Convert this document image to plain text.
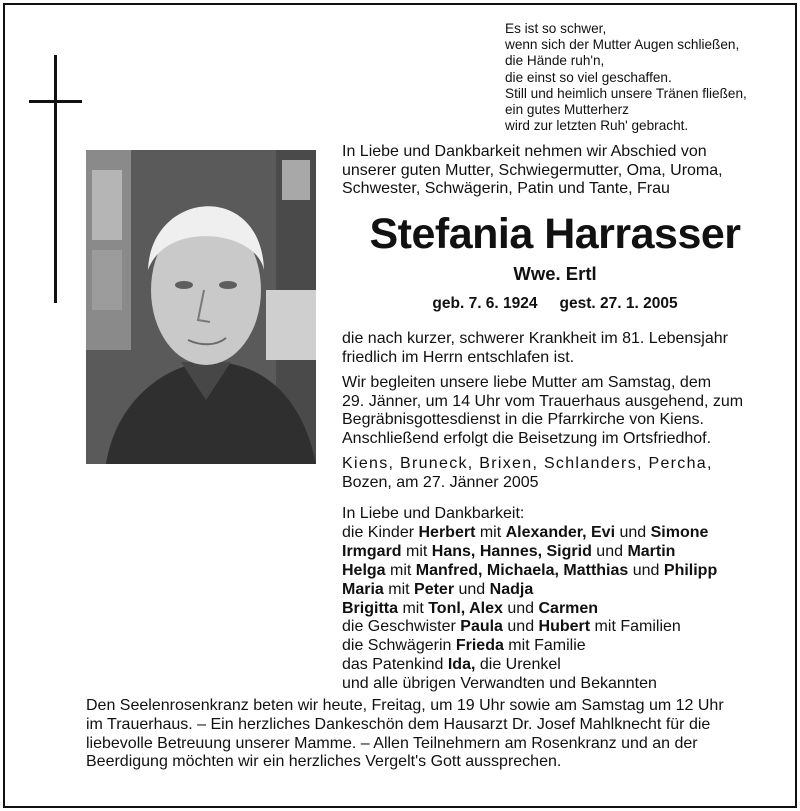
Es ist so schwer,
wenn sich der Mutter Augen schließen,
die Hände ruh'n,
die einst so viel geschaffen.
Still und heimlich unsere Tränen fließen,
ein gutes Mutterherz
wird zur letzten Ruh' gebracht.
In Liebe und Dankbarkeit nehmen wir Abschied von
unserer guten Mutter, Schwiegermutter, Oma, Uroma,
Schwester, Schwägerin, Patin und Tante, Frau
Stefania Harrasser
Wwe. Ertl
geb. 7. 6. 1924 gest. 27. 1. 2005
die nach kurzer, schwerer Krankheit im 81. Lebensjahr
friedlich im Herrn entschlafen ist.
Wir begleiten unsere liebe Mutter am Samstag, dem
29. Jänner, um 14 Uhr vom Trauerhaus ausgehend, zum
Begräbnisgottesdienst in die Pfarrkirche von Kiens.
Anschließend erfolgt die Beisetzung im Ortsfriedhof.
Kiens, Bruneck, Brixen, Schlanders, Percha,
Bozen, am 27. Jänner 2005
In Liebe und Dankbarkeit:
die Kinder Herbert mit Alexander, Evi und Simone
Irmgard mit Hans, Hannes, Sigrid und Martin
Helga mit Manfred, Michaela, Matthias und Philipp
Maria mit Peter und Nadja
Brigitta mit Tonl, Alex und Carmen
die Geschwister Paula und Hubert mit Familien
die Schwägerin Frieda mit Familie
das Patenkind Ida, die Urenkel
und alle übrigen Verwandten und Bekannten
Den Seelenrosenkranz beten wir heute, Freitag, um 19 Uhr sowie am Samstag um 12 Uhr
im Trauerhaus. – Ein herzliches Dankeschön dem Hausarzt Dr. Josef Mahlknecht für die
liebevolle Betreuung unserer Mamme. – Allen Teilnehmern am Rosenkranz und an der
Beerdigung möchten wir ein herzliches Vergelt's Gott aussprechen.
